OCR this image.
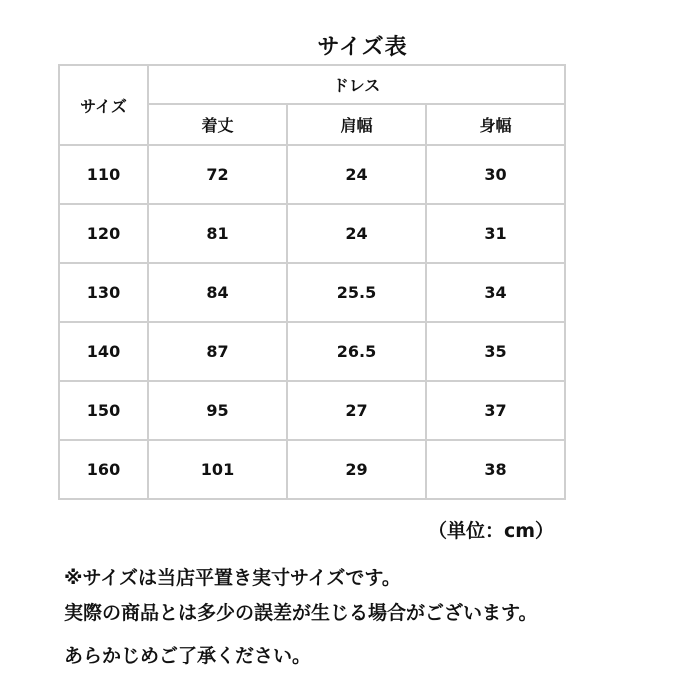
サイズ表
サイズ	ドレス		
	着丈	肩幅	身幅
110	72	24	30
120	81	24	31
130	84	25.5	34
140	87	26.5	35
150	95	27	37
160	101	29	38
（単位：cm）
※サイズは当店平置き実寸サイズです。
実際の商品とは多少の誤差が生じる場合がございます。
あらかじめご了承ください。
